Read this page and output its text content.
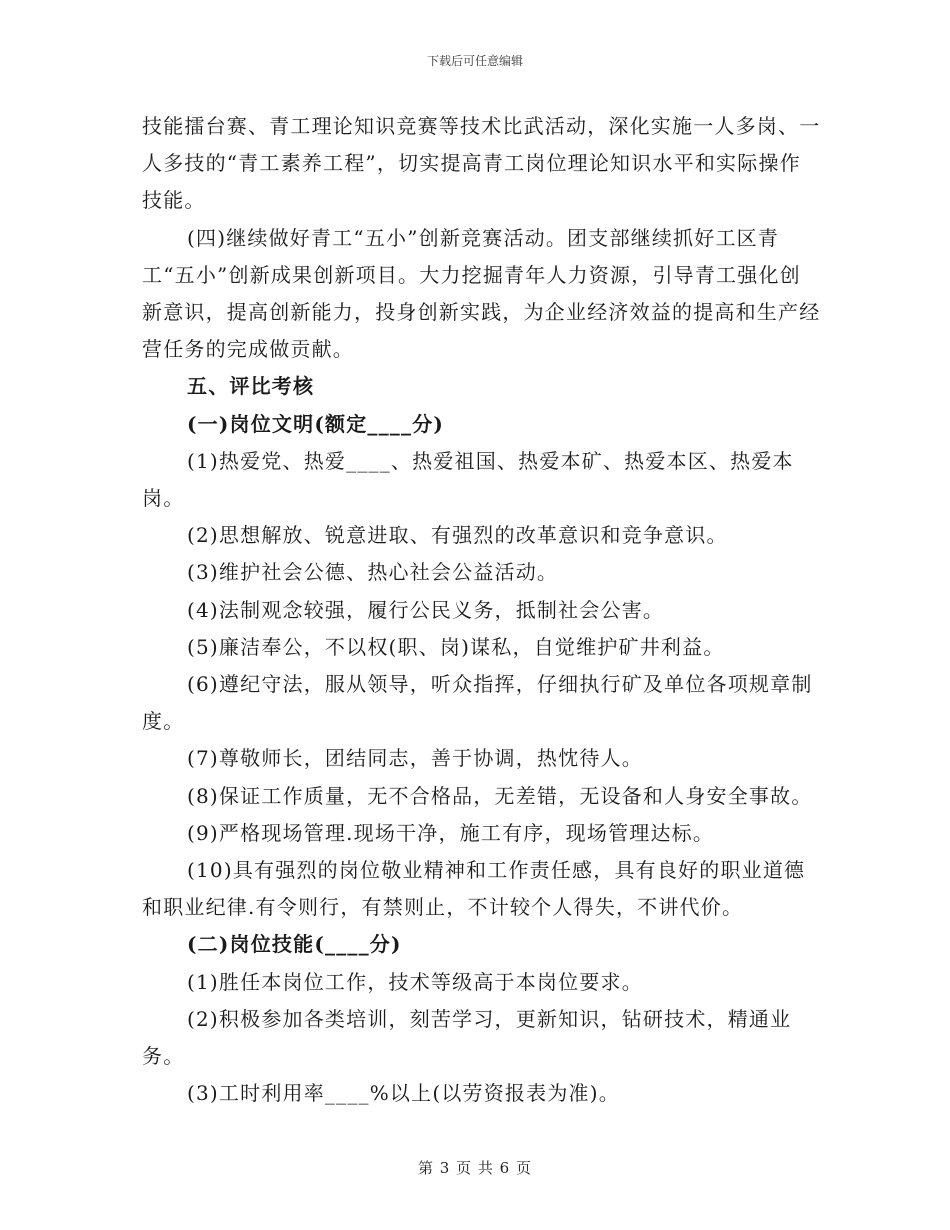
下载后可任意编辑

技能擂台赛、青工理论知识竞赛等技术比武活动，深化实施一人多岗、一人多技的“青工素养工程”，切实提高青工岗位理论知识水平和实际操作技能。

(四)继续做好青工“五小”创新竞赛活动。团支部继续抓好工区青工“五小”创新成果创新项目。大力挖掘青年人力资源，引导青工强化创新意识，提高创新能力，投身创新实践，为企业经济效益的提高和生产经营任务的完成做贡献。

五、评比考核

(一)岗位文明(额定____分)

(1)热爱党、热爱____、热爱祖国、热爱本矿、热爱本区、热爱本岗。

(2)思想解放、锐意进取、有强烈的改革意识和竞争意识。

(3)维护社会公德、热心社会公益活动。

(4)法制观念较强，履行公民义务，抵制社会公害。

(5)廉洁奉公，不以权(职、岗)谋私，自觉维护矿井利益。

(6)遵纪守法，服从领导，听众指挥，仔细执行矿及单位各项规章制度。

(7)尊敬师长，团结同志，善于协调，热忱待人。

(8)保证工作质量，无不合格品，无差错，无设备和人身安全事故。

(9)严格现场管理.现场干净，施工有序，现场管理达标。

(10)具有强烈的岗位敬业精神和工作责任感，具有良好的职业道德和职业纪律.有令则行，有禁则止，不计较个人得失，不讲代价。

(二)岗位技能(____分)

(1)胜任本岗位工作，技术等级高于本岗位要求。

(2)积极参加各类培训，刻苦学习，更新知识，钻研技术，精通业务。

(3)工时利用率____%以上(以劳资报表为准)。

第 3 页 共 6 页
